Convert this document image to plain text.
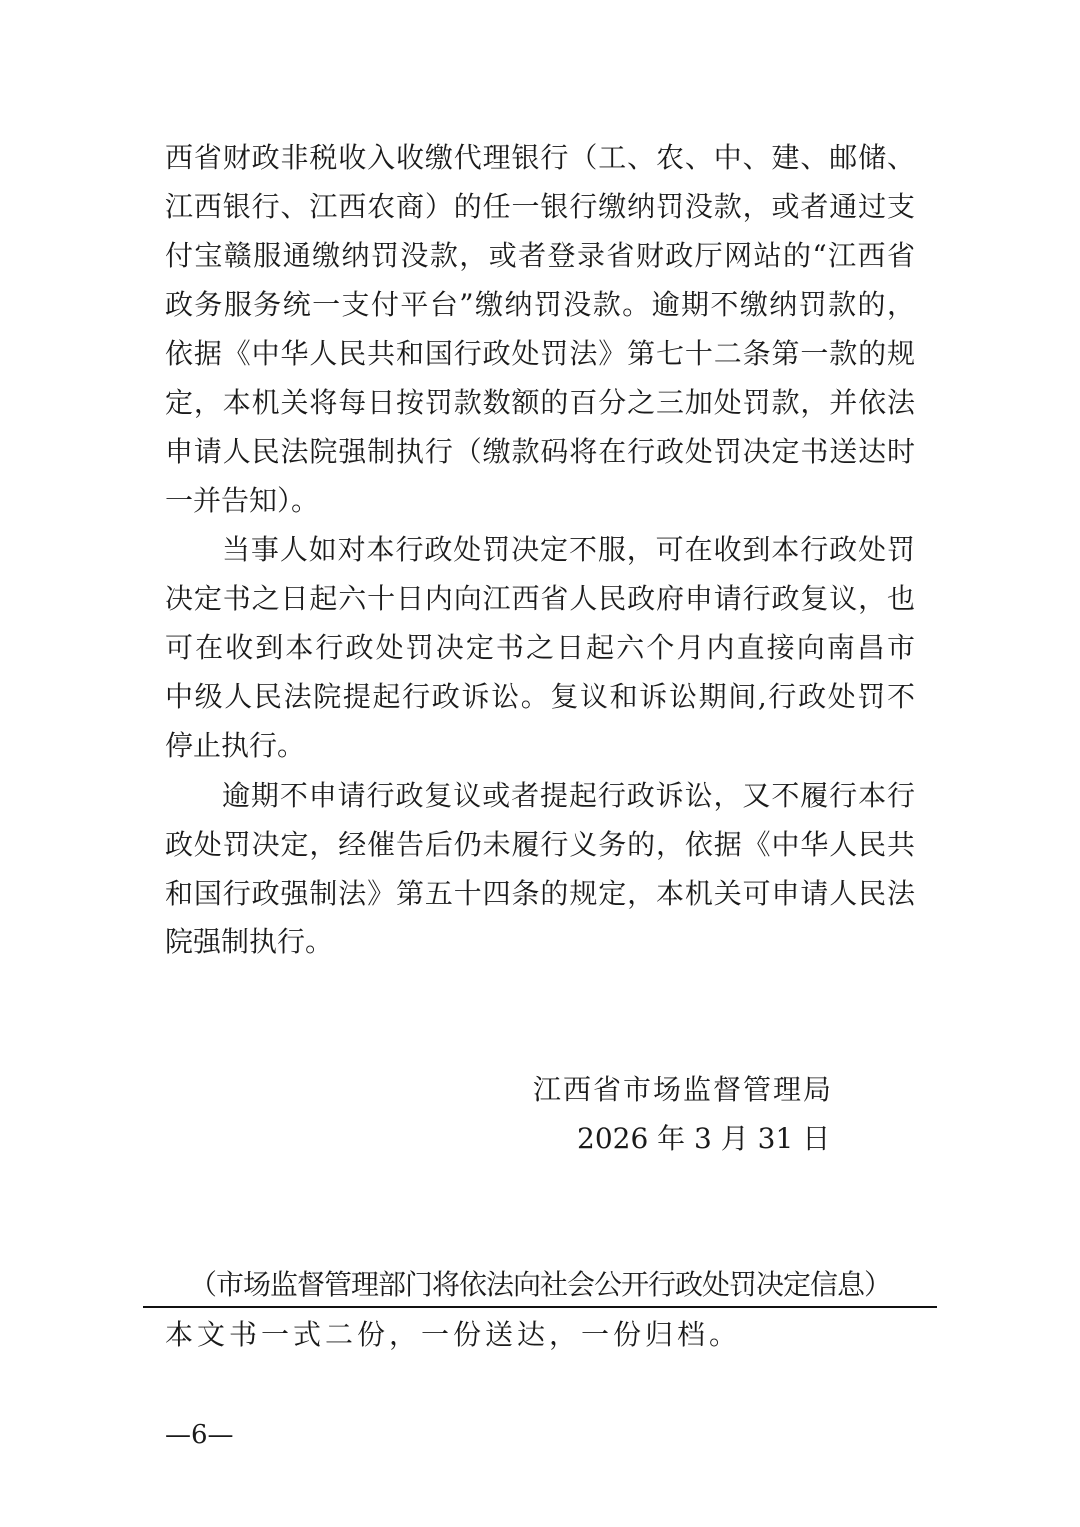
西省财政非税收入收缴代理银行（工、农、中、建、邮储、
江西银行、江西农商）的任一银行缴纳罚没款，或者通过支
付宝赣服通缴纳罚没款，或者登录省财政厅网站的“江西省
政务服务统一支付平台”缴纳罚没款。逾期不缴纳罚款的，
依据《中华人民共和国行政处罚法》第七十二条第一款的规
定，本机关将每日按罚款数额的百分之三加处罚款，并依法
申请人民法院强制执行（缴款码将在行政处罚决定书送达时
一并告知）。
当事人如对本行政处罚决定不服，可在收到本行政处罚
决定书之日起六十日内向江西省人民政府申请行政复议，也
可在收到本行政处罚决定书之日起六个月内直接向南昌市
中级人民法院提起行政诉讼。复议和诉讼期间,行政处罚不
停止执行。
逾期不申请行政复议或者提起行政诉讼，又不履行本行
政处罚决定，经催告后仍未履行义务的，依据《中华人民共
和国行政强制法》第五十四条的规定，本机关可申请人民法
院强制执行。
江西省市场监督管理局
2026 年 3 月 31 日
（市场监督管理部门将依法向社会公开行政处罚决定信息）
本文书一式二份，一份送达，一份归档。
—6—
